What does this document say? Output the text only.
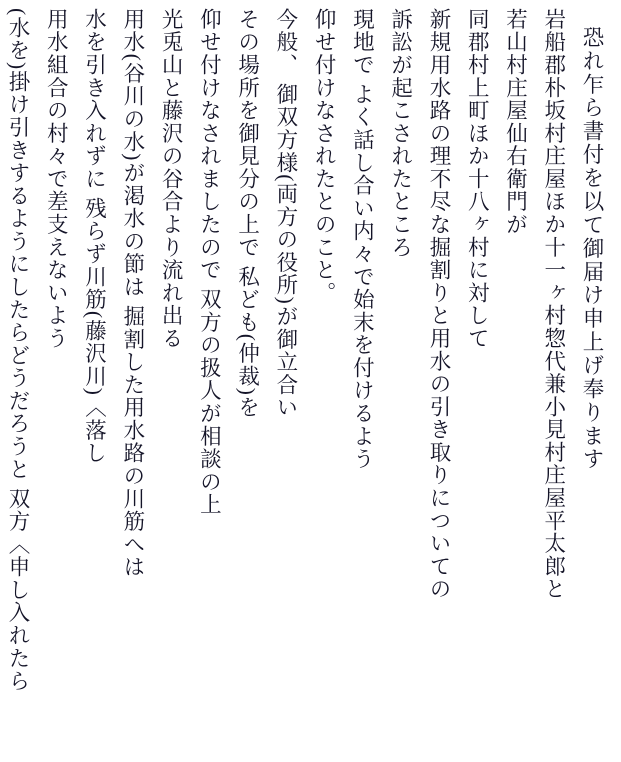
恐れ乍ら書付を以て御届け申上げ奉ります
岩船郡朴坂村庄屋ほか十一ヶ村惣代兼小見村庄屋平太郎と
若山村庄屋仙右衛門が
同郡村上町ほか十八ヶ村に対して
新規用水路の理不尽な掘割りと用水の引き取りについての
訴訟が起こされたところ
現地で よく話し合い内々で始末を付けるよう
仰せ付けなされたとのこと。
今般、 御双方様(両方の役所)が御立合い
その場所を御見分の上で 私ども(仲裁)を
仰せ付けなされましたので 双方の扱人が相談の上
光兎山と藤沢の谷合より流れ出る
用水(谷川の水)が渇水の節は 掘割した用水路の川筋へは
水を引き入れずに 残らず川筋(藤沢川)〈落し
用水組合の村々で差支えないよう
(水を)掛け引きするようにしたらどうだろうと 双方〈申し入れたら
